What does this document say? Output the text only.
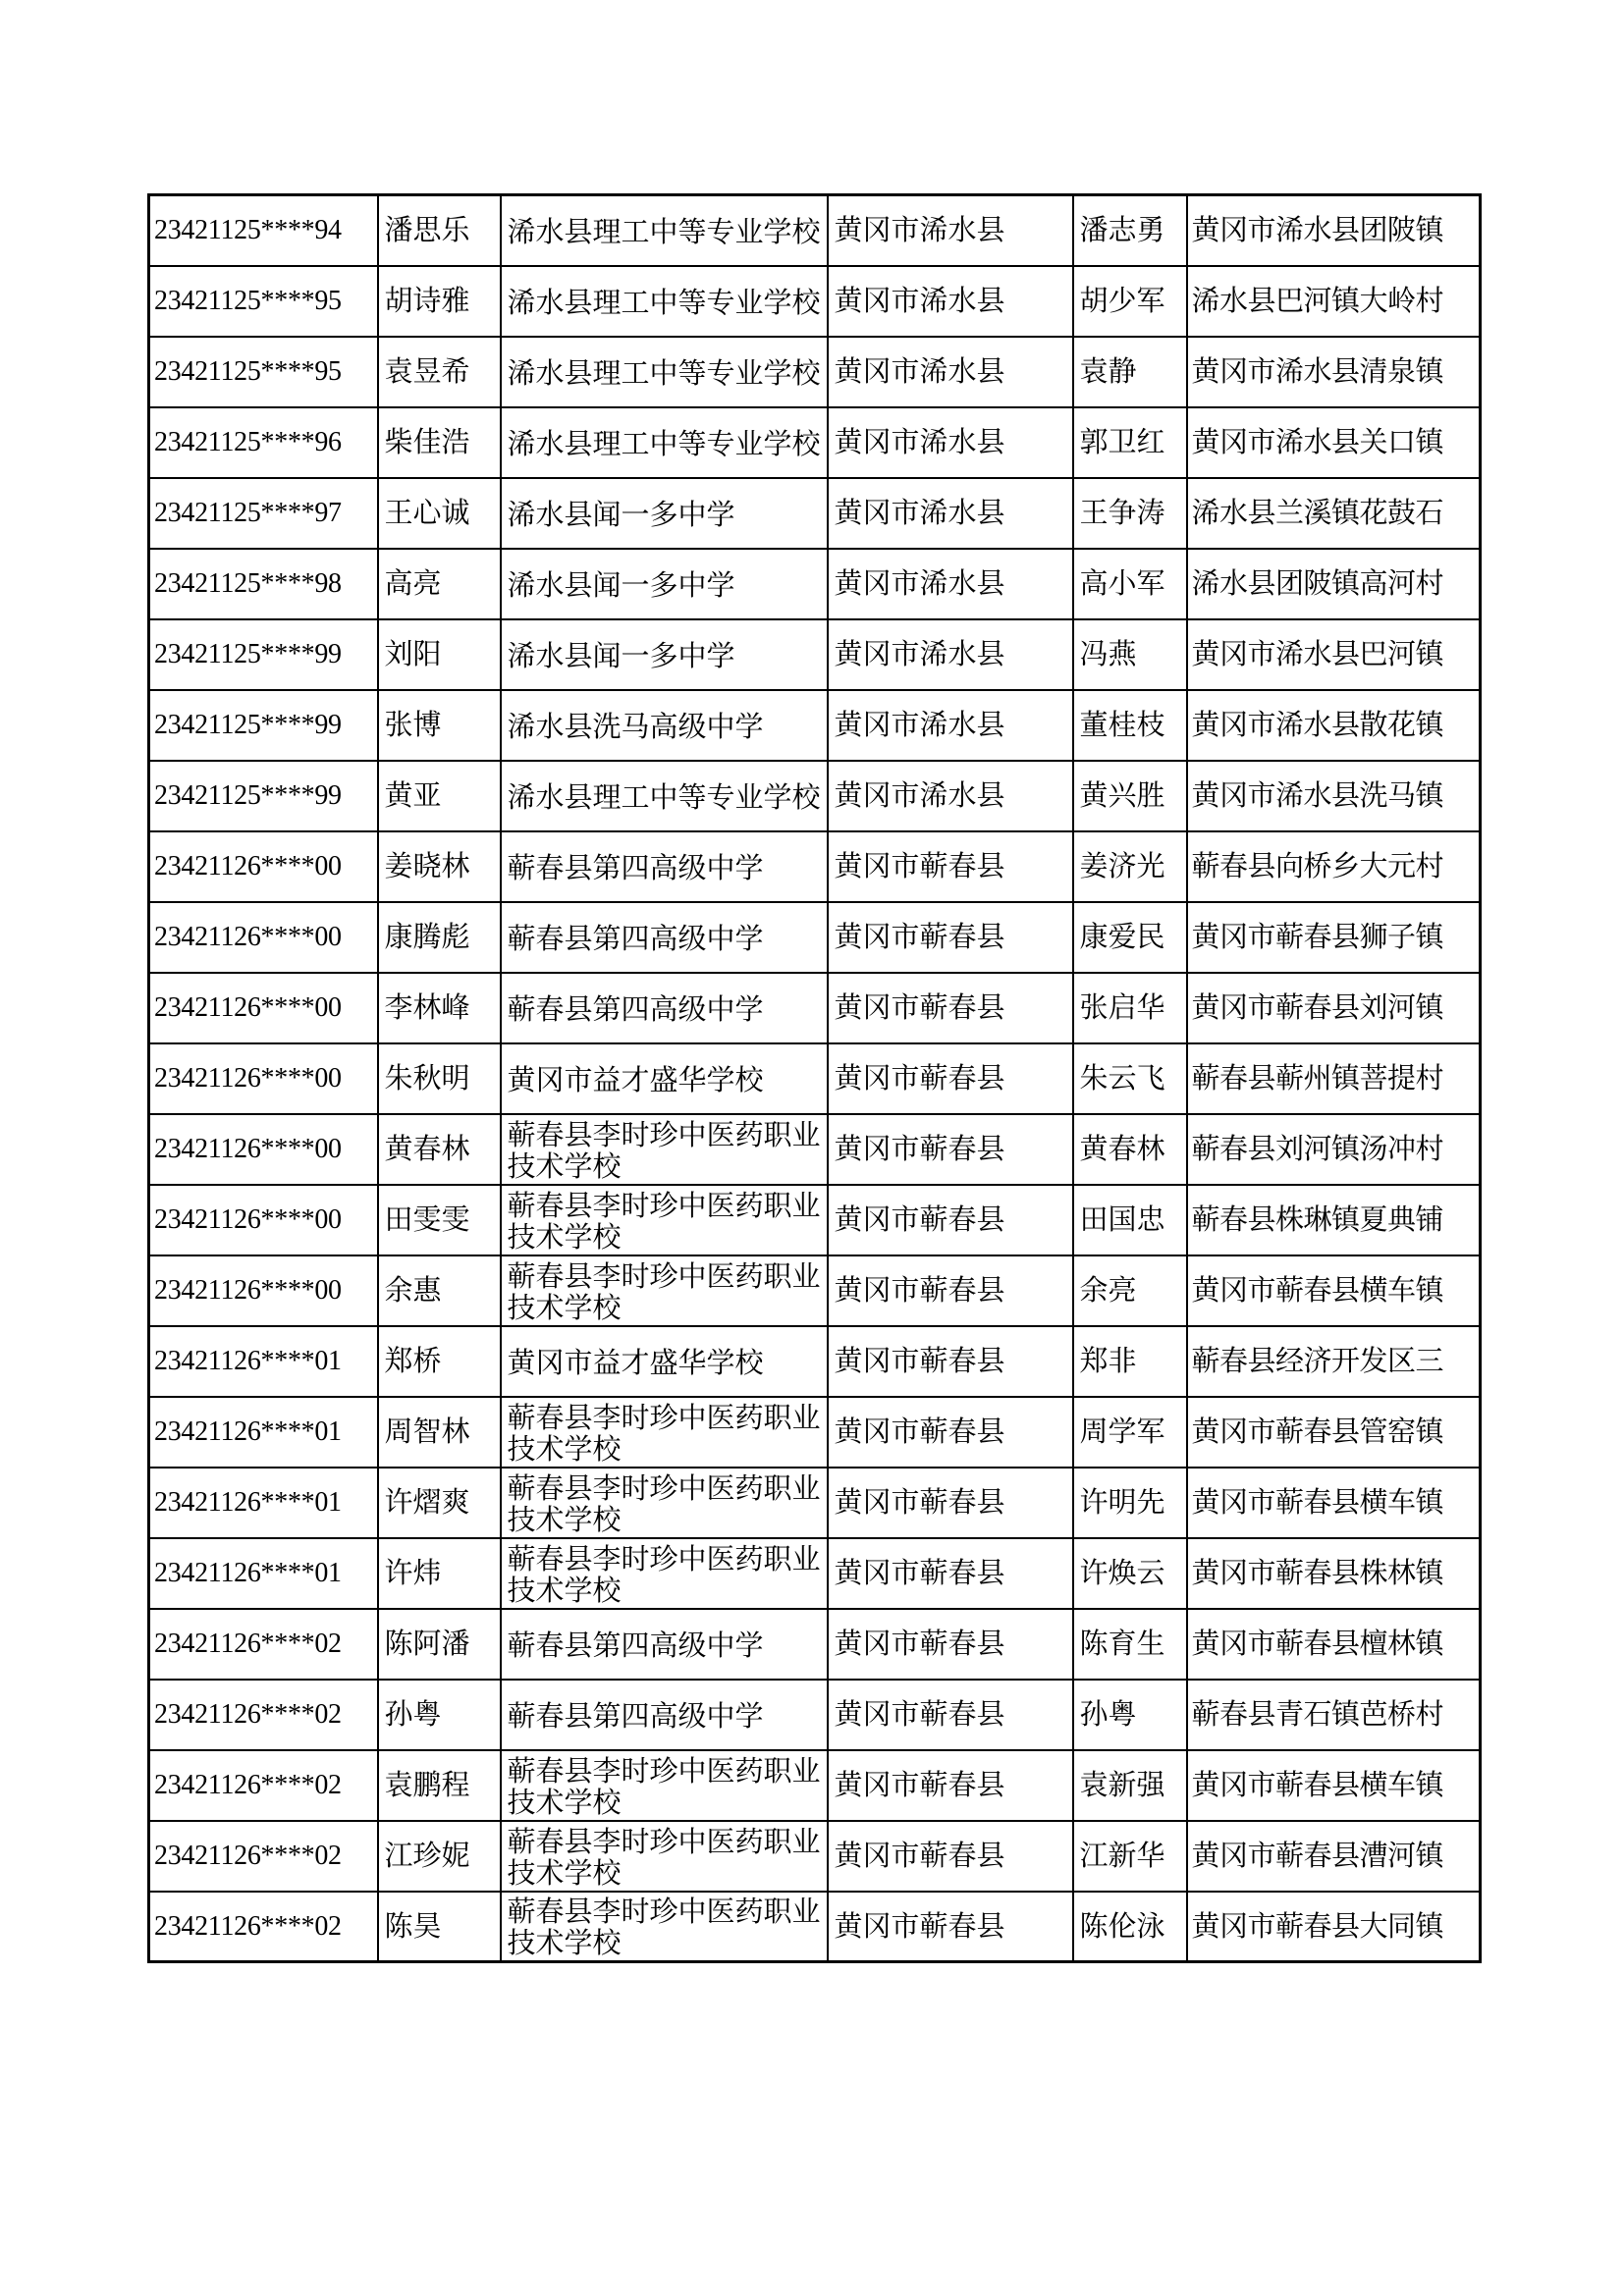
23421125****94	潘思乐	浠水县理工中等专业学校	黄冈市浠水县	潘志勇	黄冈市浠水县团陂镇
23421125****95	胡诗雅	浠水县理工中等专业学校	黄冈市浠水县	胡少军	浠水县巴河镇大岭村
23421125****95	袁昱希	浠水县理工中等专业学校	黄冈市浠水县	袁静	黄冈市浠水县清泉镇
23421125****96	柴佳浩	浠水县理工中等专业学校	黄冈市浠水县	郭卫红	黄冈市浠水县关口镇
23421125****97	王心诚	浠水县闻一多中学	黄冈市浠水县	王争涛	浠水县兰溪镇花鼓石
23421125****98	高亮	浠水县闻一多中学	黄冈市浠水县	高小军	浠水县团陂镇高河村
23421125****99	刘阳	浠水县闻一多中学	黄冈市浠水县	冯燕	黄冈市浠水县巴河镇
23421125****99	张博	浠水县洗马高级中学	黄冈市浠水县	董桂枝	黄冈市浠水县散花镇
23421125****99	黄亚	浠水县理工中等专业学校	黄冈市浠水县	黄兴胜	黄冈市浠水县洗马镇
23421126****00	姜晓林	蕲春县第四高级中学	黄冈市蕲春县	姜济光	蕲春县向桥乡大元村
23421126****00	康腾彪	蕲春县第四高级中学	黄冈市蕲春县	康爱民	黄冈市蕲春县狮子镇
23421126****00	李林峰	蕲春县第四高级中学	黄冈市蕲春县	张启华	黄冈市蕲春县刘河镇
23421126****00	朱秋明	黄冈市益才盛华学校	黄冈市蕲春县	朱云飞	蕲春县蕲州镇菩提村
23421126****00	黄春林	蕲春县李时珍中医药职业技术学校	黄冈市蕲春县	黄春林	蕲春县刘河镇汤冲村
23421126****00	田雯雯	蕲春县李时珍中医药职业技术学校	黄冈市蕲春县	田国忠	蕲春县株琳镇夏典铺
23421126****00	余惠	蕲春县李时珍中医药职业技术学校	黄冈市蕲春县	余亮	黄冈市蕲春县横车镇
23421126****01	郑桥	黄冈市益才盛华学校	黄冈市蕲春县	郑非	蕲春县经济开发区三
23421126****01	周智林	蕲春县李时珍中医药职业技术学校	黄冈市蕲春县	周学军	黄冈市蕲春县管窑镇
23421126****01	许熠爽	蕲春县李时珍中医药职业技术学校	黄冈市蕲春县	许明先	黄冈市蕲春县横车镇
23421126****01	许炜	蕲春县李时珍中医药职业技术学校	黄冈市蕲春县	许焕云	黄冈市蕲春县株林镇
23421126****02	陈阿潘	蕲春县第四高级中学	黄冈市蕲春县	陈育生	黄冈市蕲春县檀林镇
23421126****02	孙粤	蕲春县第四高级中学	黄冈市蕲春县	孙粤	蕲春县青石镇芭桥村
23421126****02	袁鹏程	蕲春县李时珍中医药职业技术学校	黄冈市蕲春县	袁新强	黄冈市蕲春县横车镇
23421126****02	江珍妮	蕲春县李时珍中医药职业技术学校	黄冈市蕲春县	江新华	黄冈市蕲春县漕河镇
23421126****02	陈昊	蕲春县李时珍中医药职业技术学校	黄冈市蕲春县	陈伦泳	黄冈市蕲春县大同镇
